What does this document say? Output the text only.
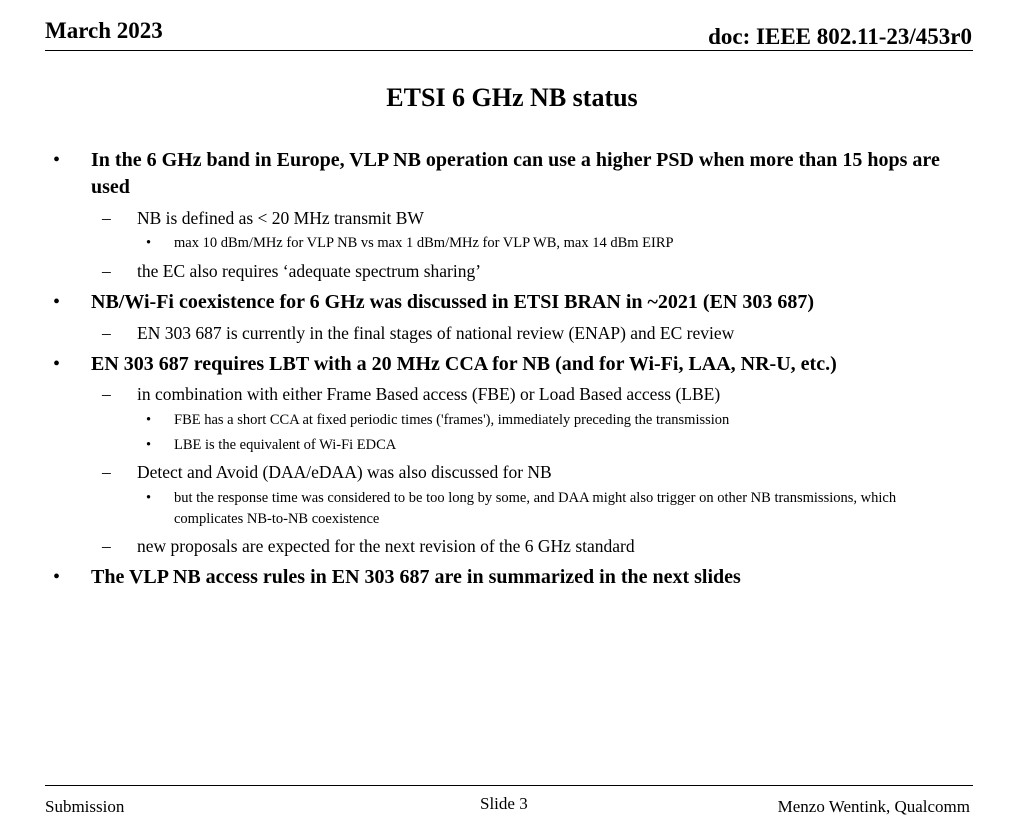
March 2023	doc: IEEE 802.11-23/453r0
ETSI 6 GHz NB status
• In the 6 GHz band in Europe, VLP NB operation can use a higher PSD when more than 15 hops are used
– NB is defined as < 20 MHz transmit BW
• max 10 dBm/MHz for VLP NB vs max 1 dBm/MHz for VLP WB, max 14 dBm EIRP
– the EC also requires ‘adequate spectrum sharing’
• NB/Wi-Fi coexistence for 6 GHz was discussed in ETSI BRAN in ~2021 (EN 303 687)
– EN 303 687 is currently in the final stages of national review (ENAP) and EC review
• EN 303 687 requires LBT with a 20 MHz CCA for NB (and for Wi-Fi, LAA, NR-U, etc.)
– in combination with either Frame Based access (FBE) or Load Based access (LBE)
• FBE has a short CCA at fixed periodic times ('frames'), immediately preceding the transmission
• LBE is the equivalent of Wi-Fi EDCA
– Detect and Avoid (DAA/eDAA) was also discussed for NB
• but the response time was considered to be too long by some, and DAA might also trigger on other NB transmissions, which complicates NB-to-NB coexistence
– new proposals are expected for the next revision of the 6 GHz standard
• The VLP NB access rules in EN 303 687 are in summarized in the next slides
Submission	Slide 3	Menzo Wentink, Qualcomm
